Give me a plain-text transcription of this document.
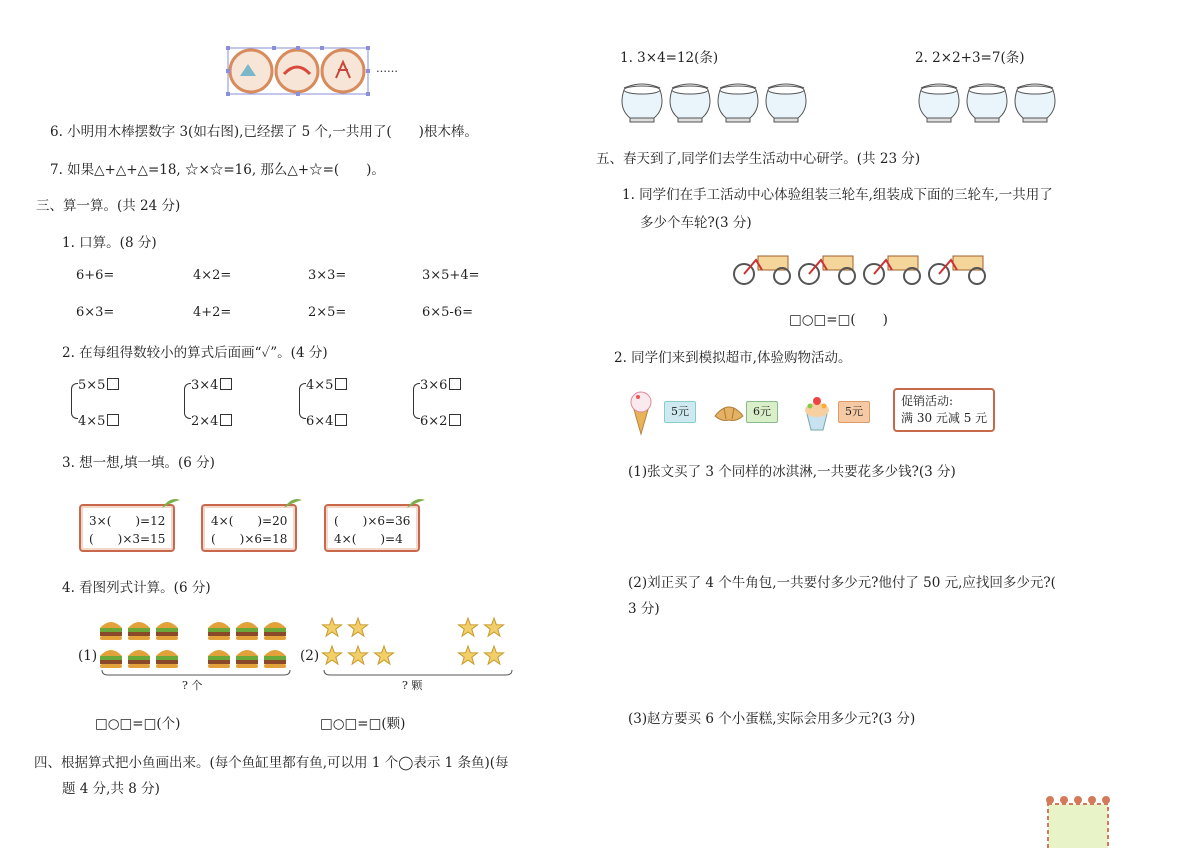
……
6. 小明用木棒摆数字 3(如右图),已经摆了 5 个,一共用了(　　)根木棒。
7. 如果△+△+△=18, ☆×☆=16, 那么△+☆=(　　)。
三、算一算。(共 24 分)
1. 口算。(8 分)
6+6=	4×2=	3×3=	3×5+4=
6×3=	4+2=	2×5=	6×5-6=
2. 在每组得数较小的算式后面画“✓”。(4 分)
5×5
4×5
3×4
2×4
4×5
6×4
3×6
6×2
3. 想一想,填一填。(6 分)
3×(　　)=12
(　　)×3=15
4×(　　)=20
(　　)×6=18
(　　)×6=36
4×(　　)=4
4. 看图列式计算。(6 分)
(1)
? 个
(2)
? 颗
□○□=□(个)	□○□=□(颗)
四、根据算式把小鱼画出来。(每个鱼缸里都有鱼,可以用 1 个◯表示 1 条鱼)(每
题 4 分,共 8 分)
1. 3×4=12(条)	2. 2×2+3=7(条)
五、春天到了,同学们去学生活动中心研学。(共 23 分)
1. 同学们在手工活动中心体验组装三轮车,组装成下面的三轮车,一共用了
多少个车轮?(3 分)
□○□=□(　　)
2. 同学们来到模拟超市,体验购物活动。
5元	6元	5元
促销活动:
满 30 元减 5 元
(1)张文买了 3 个同样的冰淇淋,一共要花多少钱?(3 分)
(2)刘正买了 4 个牛角包,一共要付多少元?他付了 50 元,应找回多少元?(
3 分)
(3)赵方要买 6 个小蛋糕,实际会用多少元?(3 分)
